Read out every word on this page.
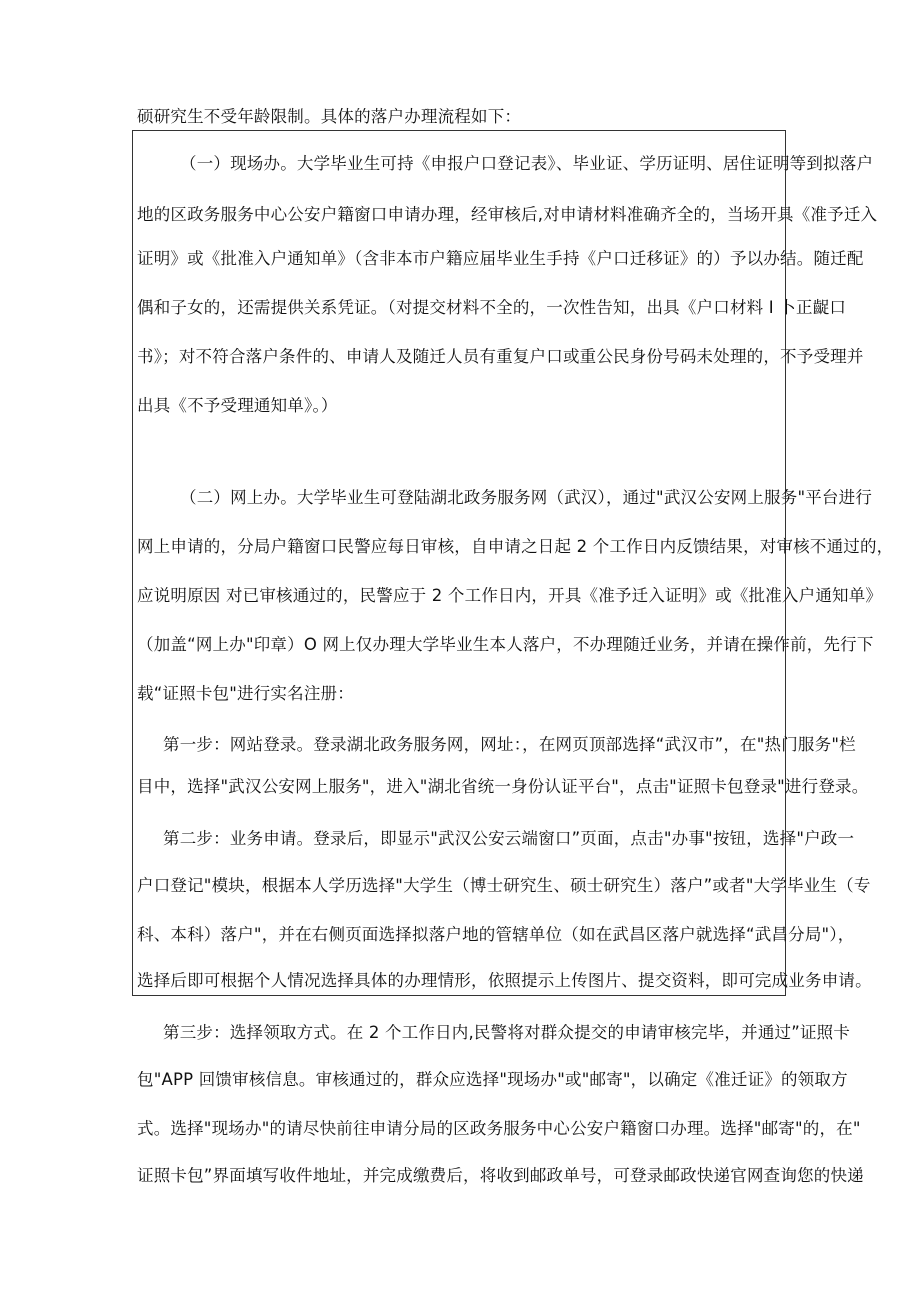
硕研究生不受年龄限制。具体的落户办理流程如下：
（一）现场办。大学毕业生可持《申报户口登记表》、毕业证、学历证明、居住证明等到拟落户
地的区政务服务中心公安户籍窗口申请办理，经审核后,对申请材料准确齐全的，当场开具《准予迁入
证明》或《批准入户通知单》（含非本市户籍应届毕业生手持《户口迁移证》的）予以办结。随迁配
偶和子女的，还需提供关系凭证。（对提交材料不全的，一次性告知，出具《户口材料 I 卜正齪口
书》；对不符合落户条件的、申请人及随迁人员有重复户口或重公民身份号码未处理的，不予受理并
出具《不予受理通知单》。）
（二）网上办。大学毕业生可登陆湖北政务服务网（武汉），通过"武汉公安网上服务"平台进行
网上申请的，分局户籍窗口民警应每日审核，自申请之日起 2 个工作日内反馈结果，对审核不通过的，
应说明原因 对已审核通过的，民警应于 2 个工作日内，开具《准予迁入证明》或《批准入户通知单》
（加盖“网上办"印章）O 网上仅办理大学毕业生本人落户，不办理随迁业务，并请在操作前，先行下
载“证照卡包"进行实名注册：
第一步：网站登录。登录湖北政务服务网，网址：，在网页顶部选择“武汉市”，在"热门服务"栏
目中，选择"武汉公安网上服务"，进入"湖北省统一身份认证平台"，点击"证照卡包登录"进行登录。
第二步：业务申请。登录后，即显示"武汉公安云端窗口”页面，点击"办事"按钮，选择"户政一
户口登记"模块，根据本人学历选择"大学生（博士研究生、硕士研究生）落户”或者"大学毕业生（专
科、本科）落户"，并在右侧页面选择拟落户地的管辖单位（如在武昌区落户就选择“武昌分局"），
选择后即可根据个人情况选择具体的办理情形，依照提示上传图片、提交资料，即可完成业务申请。
第三步：选择领取方式。在 2 个工作日内,民警将对群众提交的申请审核完毕，并通过”证照卡
包"APP 回馈审核信息。审核通过的，群众应选择"现场办"或"邮寄"，以确定《准迁证》的领取方
式。选择"现场办"的请尽快前往申请分局的区政务服务中心公安户籍窗口办理。选择"邮寄"的，在"
证照卡包”界面填写收件地址，并完成缴费后，将收到邮政单号，可登录邮政快递官网查询您的快递
